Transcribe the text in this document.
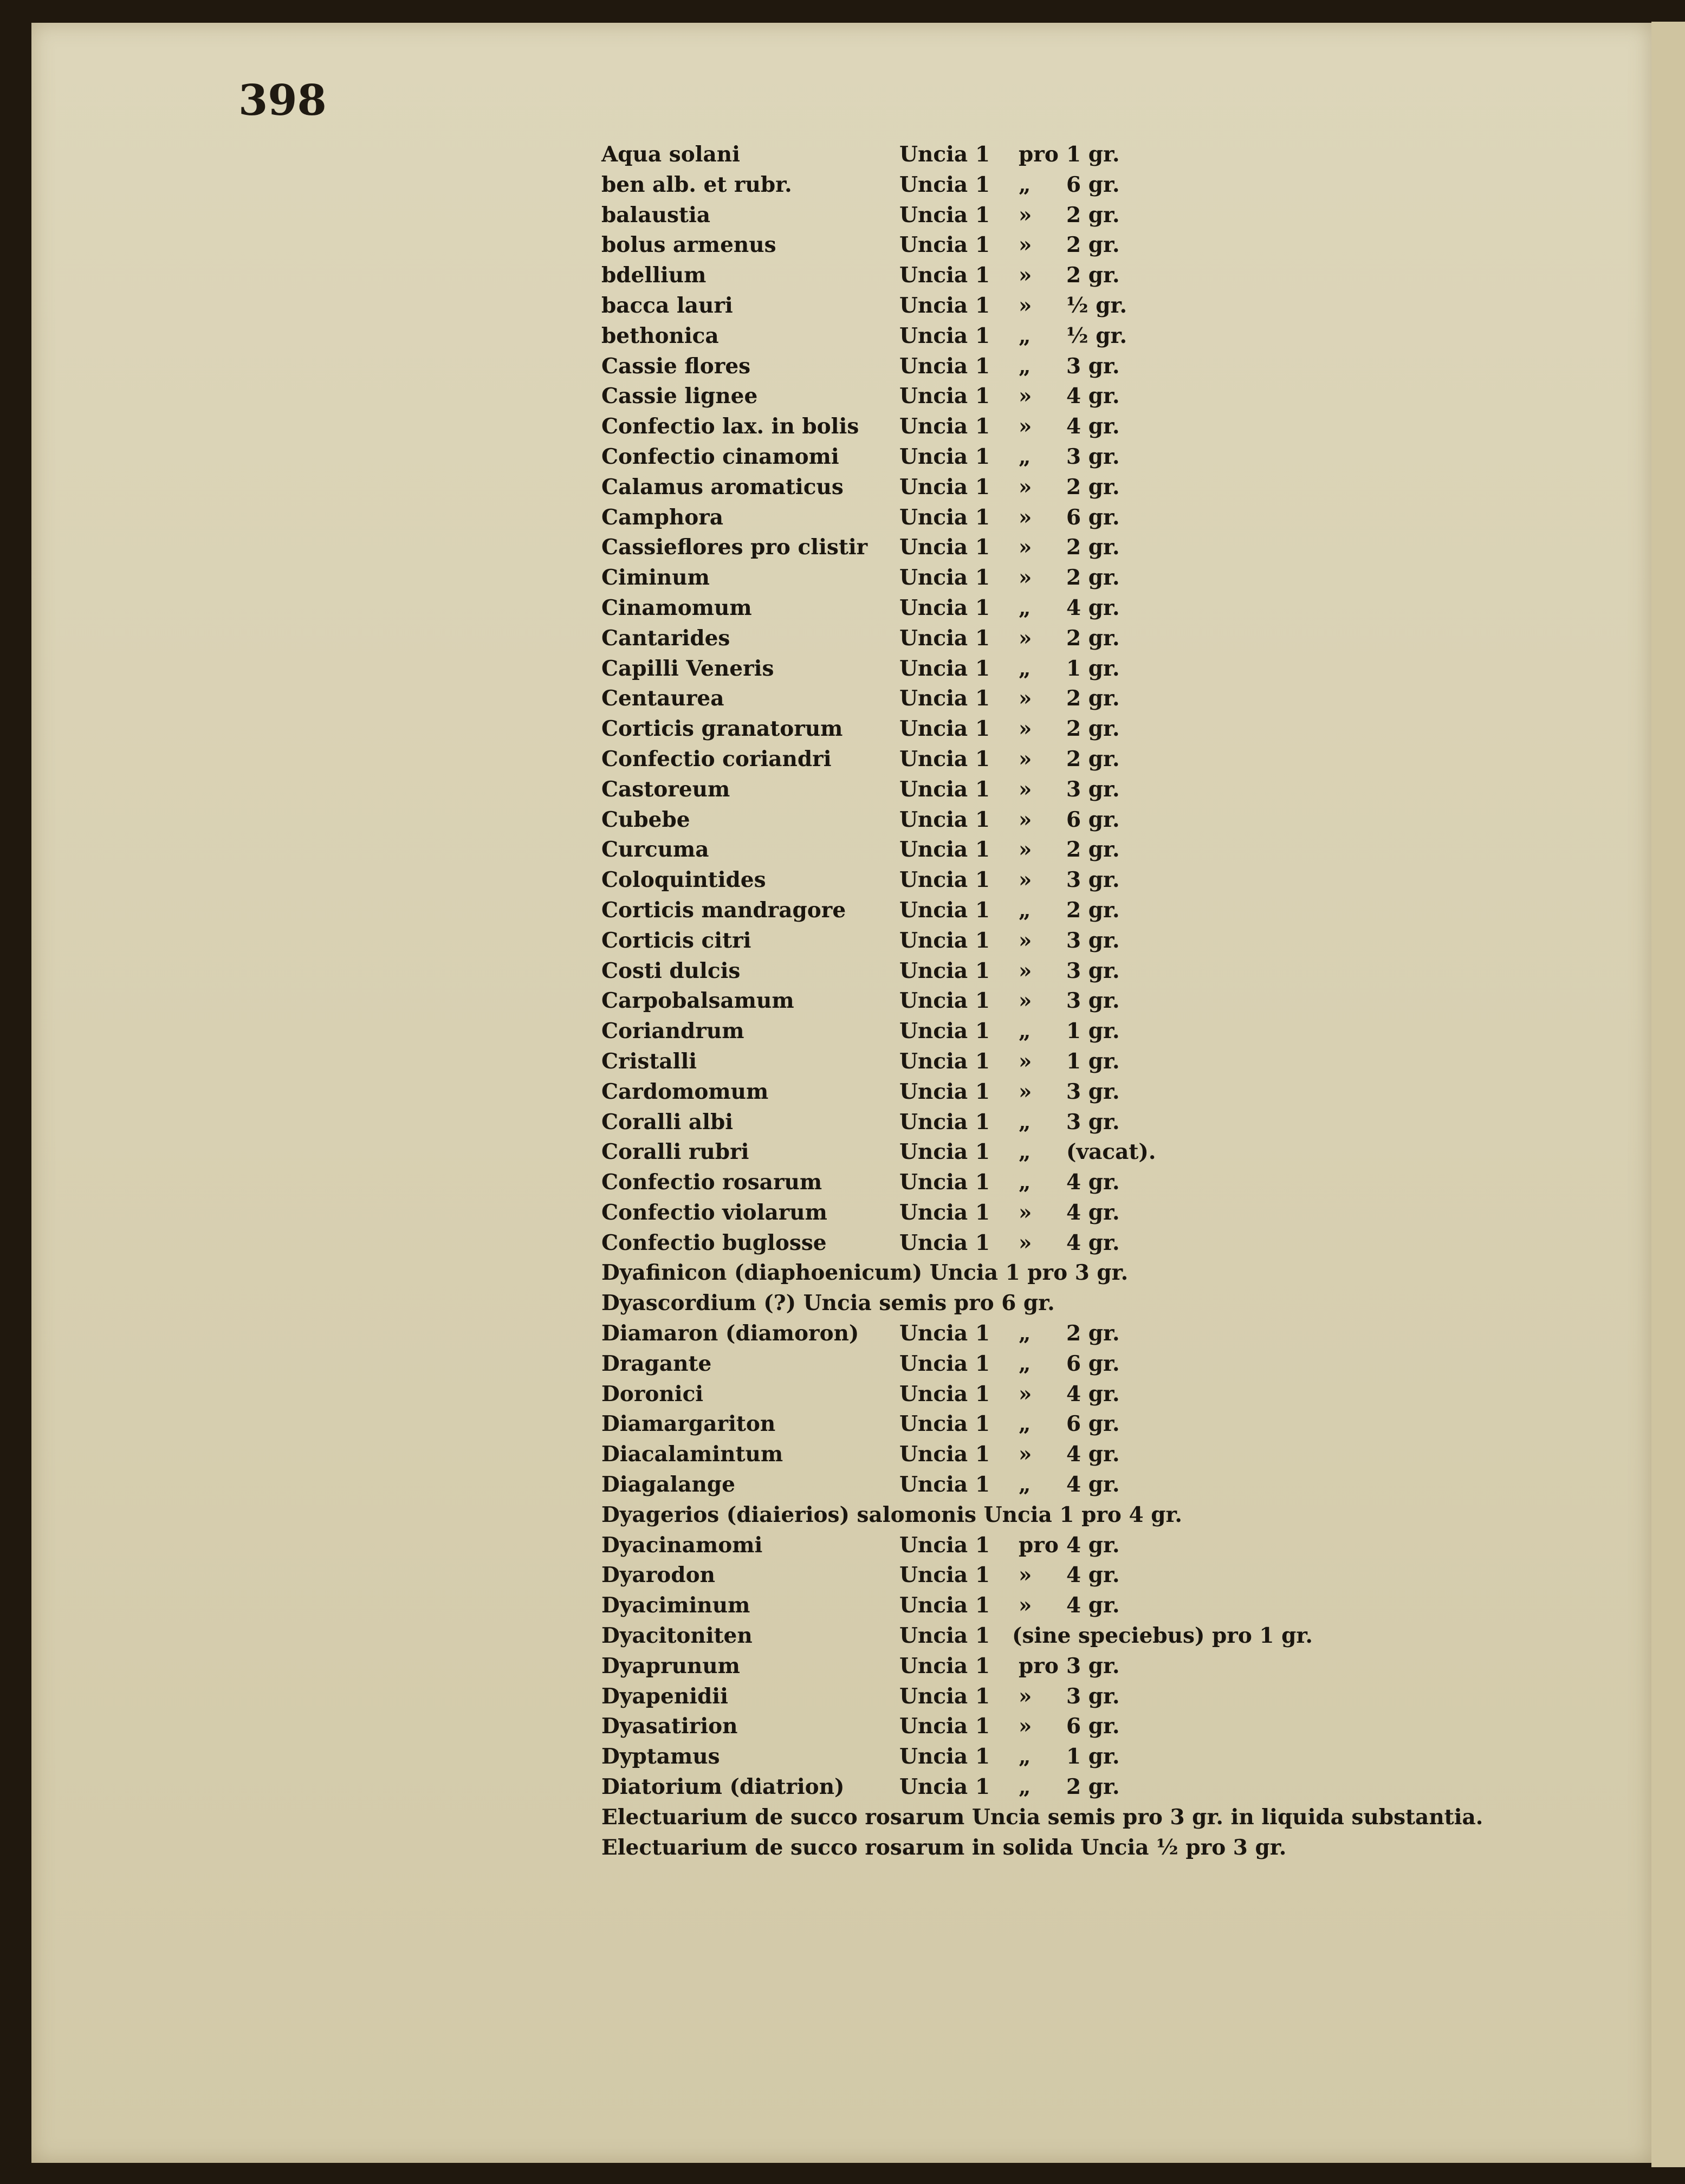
398
Aqua solani	Uncia 1 pro 1 gr.
ben alb. et rubr.	Uncia 1 „ 6 gr.
balaustia	Uncia 1 » 2 gr.
bolus armenus	Uncia 1 » 2 gr.
bdellium	Uncia 1 » 2 gr.
bacca lauri	Uncia 1 » ½ gr.
bethonica	Uncia 1 „ ½ gr.
Cassie flores	Uncia 1 „ 3 gr.
Cassie lignee	Uncia 1 » 4 gr.
Confectio lax. in bolis Uncia 1 » 4 gr.
Confectio cinamomi	Uncia 1 „ 3 gr.
Calamus aromaticus	Uncia 1 » 2 gr.
Camphora	Uncia 1 » 6 gr.
Cassieflores pro clistir Uncia 1 » 2 gr.
Ciminum	Uncia 1 » 2 gr.
Cinamomum	Uncia 1 „ 4 gr.
Cantarides	Uncia 1 » 2 gr.
Capilli Veneris	Uncia 1 „ 1 gr.
Centaurea	Uncia 1 » 2 gr.
Corticis granatorum	Uncia 1 » 2 gr.
Confectio coriandri	Uncia 1 » 2 gr.
Castoreum	Uncia 1 » 3 gr.
Cubebe	Uncia 1 » 6 gr.
Curcuma	Uncia 1 » 2 gr.
Coloquintides	Uncia 1 » 3 gr.
Corticis mandragore	Uncia 1 „ 2 gr.
Corticis citri	Uncia 1 » 3 gr.
Costi dulcis	Uncia 1 » 3 gr.
Carpobalsamum	Uncia 1 » 3 gr.
Coriandrum	Uncia 1 „ 1 gr.
Cristalli	Uncia 1 » 1 gr.
Cardomomum	Uncia 1 » 3 gr.
Coralli albi	Uncia 1 „ 3 gr.
Coralli rubri	Uncia 1 „ (vacat).
Confectio rosarum	Uncia 1 „ 4 gr.
Confectio violarum	Uncia 1 » 4 gr.
Confectio buglosse	Uncia 1 » 4 gr.
Dyafinicon (diaphoenicum) Uncia 1 pro 3 gr.
Dyascordium (?) Uncia semis pro 6 gr.
Diamaron (diamoron) Uncia 1 „ 2 gr.
Dragante	Uncia 1 „ 6 gr.
Doronici	Uncia 1 » 4 gr.
Diamargariton	Uncia 1 „ 6 gr.
Diacalamintum	Uncia 1 » 4 gr.
Diagalange	Uncia 1 „ 4 gr.
Dyagerios (diaierios) salomonis Uncia 1 pro 4 gr.
Dyacinamomi	Uncia 1 pro 4 gr.
Dyarodon	Uncia 1 » 4 gr.
Dyaciminum	Uncia 1 » 4 gr.
Dyacitoniten	Uncia 1 (sine speciebus) pro 1 gr.
Dyaprunum	Uncia 1 pro 3 gr.
Dyapenidii	Uncia 1 » 3 gr.
Dyasatirion	Uncia 1 » 6 gr.
Dyptamus	Uncia 1 „ 1 gr.
Diatorium (diatrion)	Uncia 1 „ 2 gr.
Electuarium de succo rosarum Uncia semis pro 3 gr. in liquida substantia.
Electuarium de succo rosarum in solida Uncia ½ pro 3 gr.
